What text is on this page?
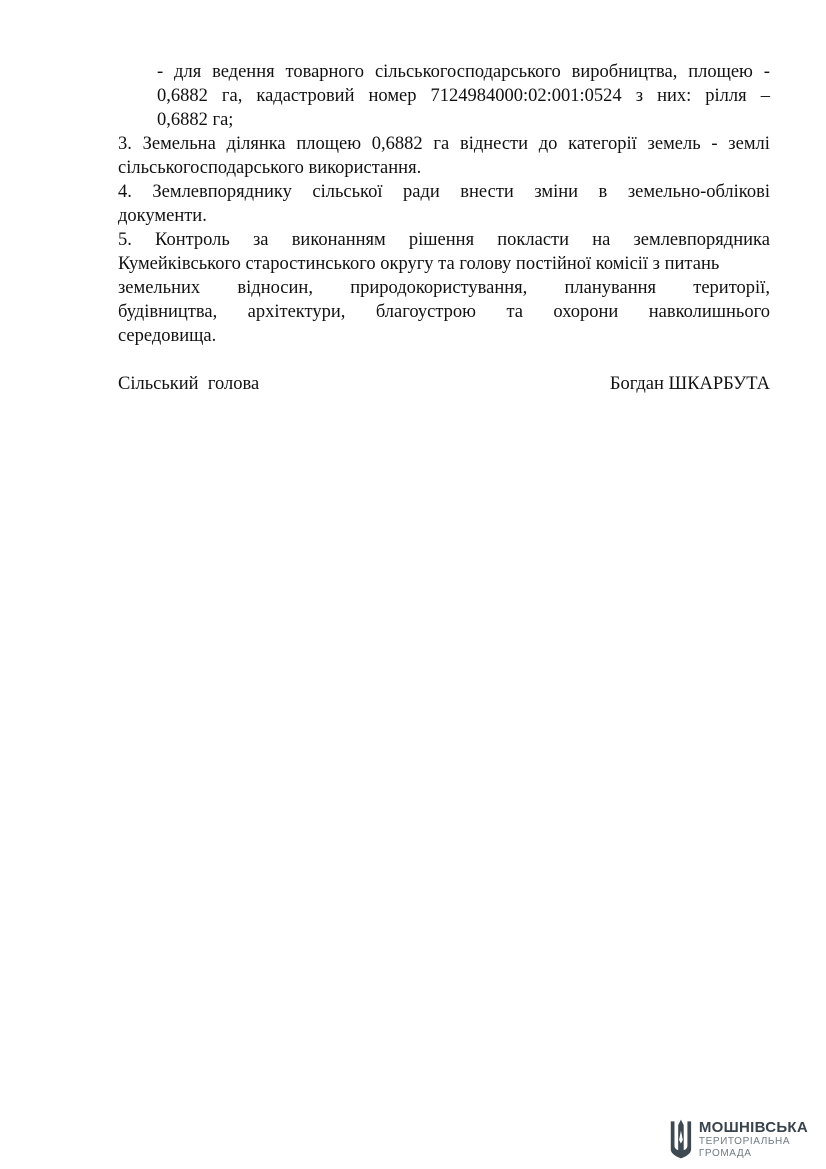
- для ведення товарного сільськогосподарського виробництва, площею -
0,6882 га, кадастровий номер 7124984000:02:001:0524 з них: рілля –
0,6882 га;
3. Земельна ділянка площею 0,6882 га віднести до категорії земель - землі
сільськогосподарського використання.
4. Землевпоряднику сільської ради внести зміни в земельно-облікові
документи.
5. Контроль за виконанням рішення покласти на землевпорядника
Кумейківського старостинського округу та голову постійної комісії з питань
земельних відносин, природокористування, планування території,
будівництва, архітектури, благоустрою та охорони навколишнього
середовища.
Сільський  голова	Богдан ШКАРБУТА
МОШНІВСЬКА
ТЕРИТОРІАЛЬНА
ГРОМАДА
